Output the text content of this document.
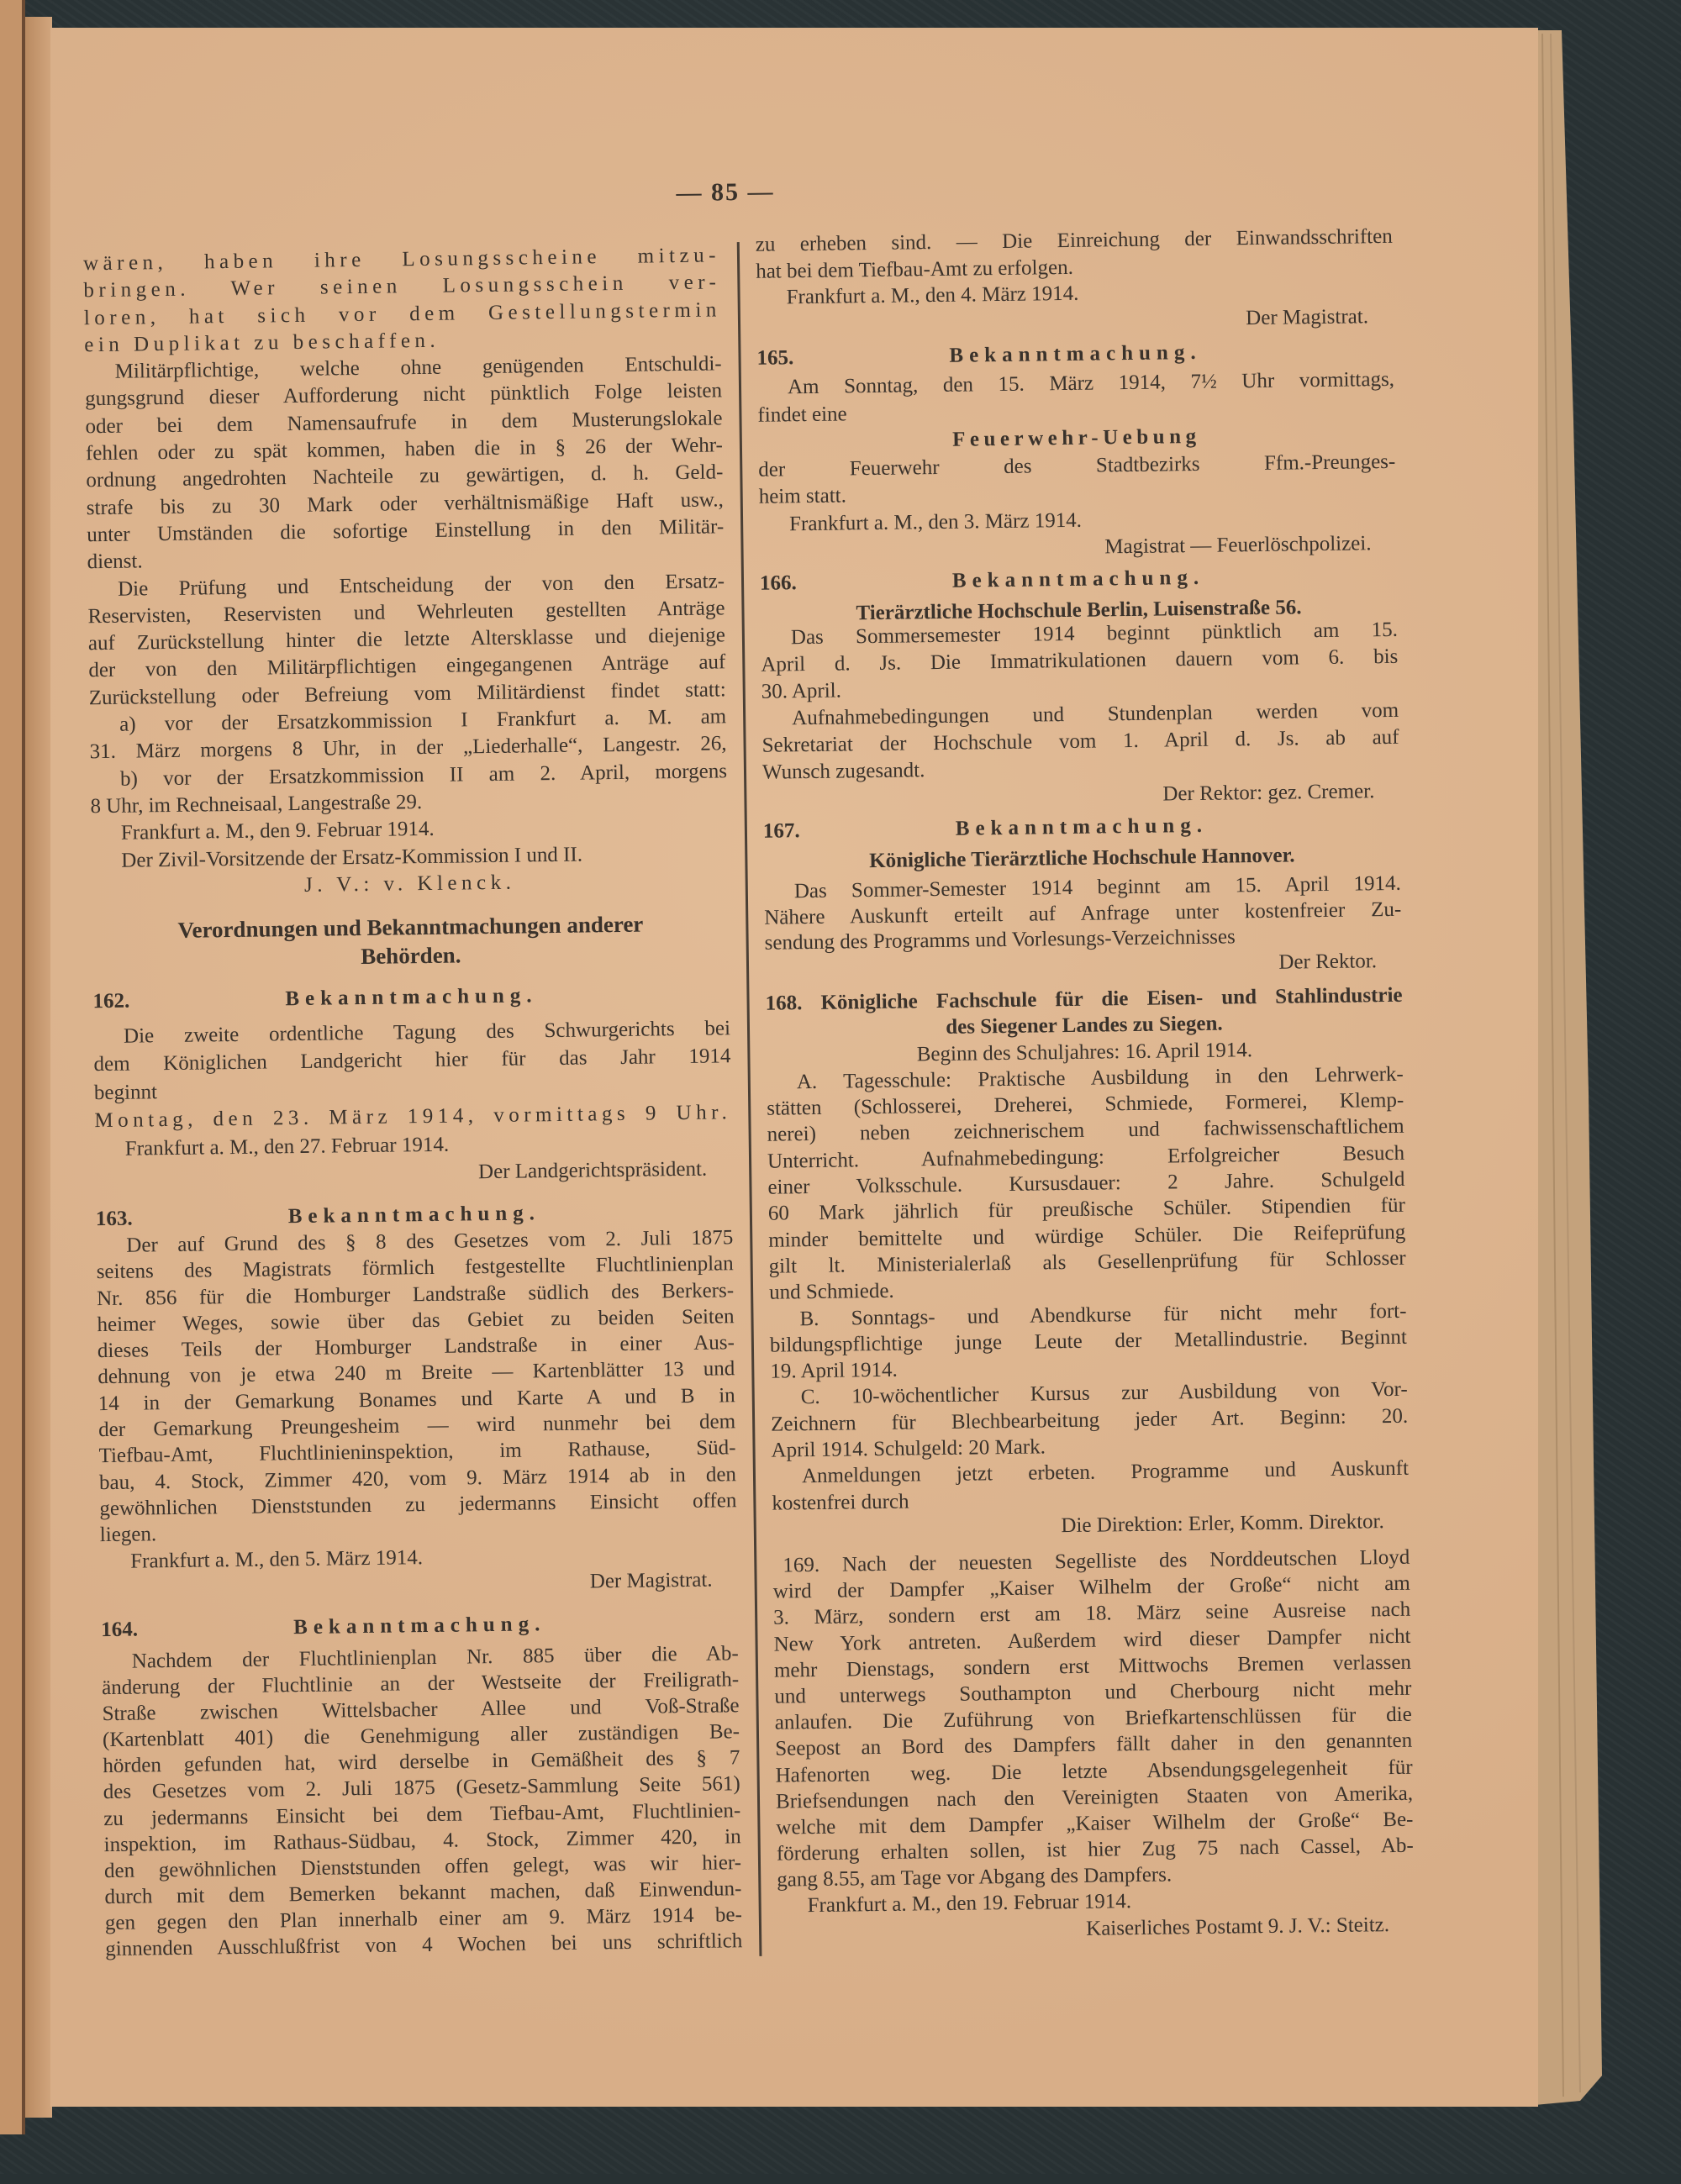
— 85 —
wären, haben ihre Losungsscheine mitzu-
bringen. Wer seinen Losungsschein ver-
loren, hat sich vor dem Gestellungstermin
ein Duplikat zu beschaffen.
Militärpflichtige, welche ohne genügenden Entschuldi-
gungsgrund dieser Aufforderung nicht pünktlich Folge leisten
oder bei dem Namensaufrufe in dem Musterungslokale
fehlen oder zu spät kommen, haben die in § 26 der Wehr-
ordnung angedrohten Nachteile zu gewärtigen, d. h. Geld-
strafe bis zu 30 Mark oder verhältnismäßige Haft usw.,
unter Umständen die sofortige Einstellung in den Militär-
dienst.
Die Prüfung und Entscheidung der von den Ersatz-
Reservisten, Reservisten und Wehrleuten gestellten Anträge
auf Zurückstellung hinter die letzte Altersklasse und diejenige
der von den Militärpflichtigen eingegangenen Anträge auf
Zurückstellung oder Befreiung vom Militärdienst findet statt:
a) vor der Ersatzkommission I Frankfurt a. M. am
31. März morgens 8 Uhr, in der „Liederhalle“, Langestr. 26,
b) vor der Ersatzkommission II am 2. April, morgens
8 Uhr, im Rechneisaal, Langestraße 29.
Frankfurt a. M., den 9. Februar 1914.
Der Zivil-Vorsitzende der Ersatz-Kommission I und II.
J. V.: v. Klenck.
Verordnungen und Bekanntmachungen anderer
Behörden.
162.	Bekanntmachung.
Die zweite ordentliche Tagung des Schwurgerichts bei
dem Königlichen Landgericht hier für das Jahr 1914
beginnt
Montag, den 23. März 1914, vormittags 9 Uhr.
Frankfurt a. M., den 27. Februar 1914.
Der Landgerichtspräsident.
163.	Bekanntmachung.
Der auf Grund des § 8 des Gesetzes vom 2. Juli 1875
seitens des Magistrats förmlich festgestellte Fluchtlinienplan
Nr. 856 für die Homburger Landstraße südlich des Berkers-
heimer Weges, sowie über das Gebiet zu beiden Seiten
dieses Teils der Homburger Landstraße in einer Aus-
dehnung von je etwa 240 m Breite — Kartenblätter 13 und
14 in der Gemarkung Bonames und Karte A und B in
der Gemarkung Preungesheim — wird nunmehr bei dem
Tiefbau-Amt, Fluchtlinieninspektion, im Rathause, Süd-
bau, 4. Stock, Zimmer 420, vom 9. März 1914 ab in den
gewöhnlichen Dienststunden zu jedermanns Einsicht offen
liegen.
Frankfurt a. M., den 5. März 1914.
Der Magistrat.
164.	Bekanntmachung.
Nachdem der Fluchtlinienplan Nr. 885 über die Ab-
änderung der Fluchtlinie an der Westseite der Freiligrath-
Straße zwischen Wittelsbacher Allee und Voß-Straße
(Kartenblatt 401) die Genehmigung aller zuständigen Be-
hörden gefunden hat, wird derselbe in Gemäßheit des § 7
des Gesetzes vom 2. Juli 1875 (Gesetz-Sammlung Seite 561)
zu jedermanns Einsicht bei dem Tiefbau-Amt, Fluchtlinien-
inspektion, im Rathaus-Südbau, 4. Stock, Zimmer 420, in
den gewöhnlichen Dienststunden offen gelegt, was wir hier-
durch mit dem Bemerken bekannt machen, daß Einwendun-
gen gegen den Plan innerhalb einer am 9. März 1914 be-
ginnenden Ausschlußfrist von 4 Wochen bei uns schriftlich
zu erheben sind. — Die Einreichung der Einwandsschriften
hat bei dem Tiefbau-Amt zu erfolgen.
Frankfurt a. M., den 4. März 1914.
Der Magistrat.
165.	Bekanntmachung.
Am Sonntag, den 15. März 1914, 7½ Uhr vormittags,
findet eine
Feuerwehr-Uebung
der Feuerwehr des Stadtbezirks Ffm.-Preunges-
heim statt.
Frankfurt a. M., den 3. März 1914.
Magistrat — Feuerlöschpolizei.
166.	Bekanntmachung.
Tierärztliche Hochschule Berlin, Luisenstraße 56.
Das Sommersemester 1914 beginnt pünktlich am 15.
April d. Js. Die Immatrikulationen dauern vom 6. bis
30. April.
Aufnahmebedingungen und Stundenplan werden vom
Sekretariat der Hochschule vom 1. April d. Js. ab auf
Wunsch zugesandt.
Der Rektor: gez. Cremer.
167.	Bekanntmachung.
Königliche Tierärztliche Hochschule Hannover.
Das Sommer-Semester 1914 beginnt am 15. April 1914.
Nähere Auskunft erteilt auf Anfrage unter kostenfreier Zu-
sendung des Programms und Vorlesungs-Verzeichnisses
Der Rektor.
168. Königliche Fachschule für die Eisen- und Stahlindustrie
des Siegener Landes zu Siegen.
Beginn des Schuljahres: 16. April 1914.
A. Tagesschule: Praktische Ausbildung in den Lehrwerk-
stätten (Schlosserei, Dreherei, Schmiede, Formerei, Klemp-
nerei) neben zeichnerischem und fachwissenschaftlichem
Unterricht. Aufnahmebedingung: Erfolgreicher Besuch
einer Volksschule. Kursusdauer: 2 Jahre. Schulgeld
60 Mark jährlich für preußische Schüler. Stipendien für
minder bemittelte und würdige Schüler. Die Reifeprüfung
gilt lt. Ministerialerlaß als Gesellenprüfung für Schlosser
und Schmiede.
B. Sonntags- und Abendkurse für nicht mehr fort-
bildungspflichtige junge Leute der Metallindustrie. Beginnt
19. April 1914.
C. 10-wöchentlicher Kursus zur Ausbildung von Vor-
Zeichnern für Blechbearbeitung jeder Art. Beginn: 20.
April 1914. Schulgeld: 20 Mark.
Anmeldungen jetzt erbeten. Programme und Auskunft
kostenfrei durch
Die Direktion: Erler, Komm. Direktor.
169. Nach der neuesten Segelliste des Norddeutschen Lloyd
wird der Dampfer „Kaiser Wilhelm der Große“ nicht am
3. März, sondern erst am 18. März seine Ausreise nach
New York antreten. Außerdem wird dieser Dampfer nicht
mehr Dienstags, sondern erst Mittwochs Bremen verlassen
und unterwegs Southampton und Cherbourg nicht mehr
anlaufen. Die Zuführung von Briefkartenschlüssen für die
Seepost an Bord des Dampfers fällt daher in den genannten
Hafenorten weg. Die letzte Absendungsgelegenheit für
Briefsendungen nach den Vereinigten Staaten von Amerika,
welche mit dem Dampfer „Kaiser Wilhelm der Große“ Be-
förderung erhalten sollen, ist hier Zug 75 nach Cassel, Ab-
gang 8.55, am Tage vor Abgang des Dampfers.
Frankfurt a. M., den 19. Februar 1914.
Kaiserliches Postamt 9. J. V.: Steitz.
